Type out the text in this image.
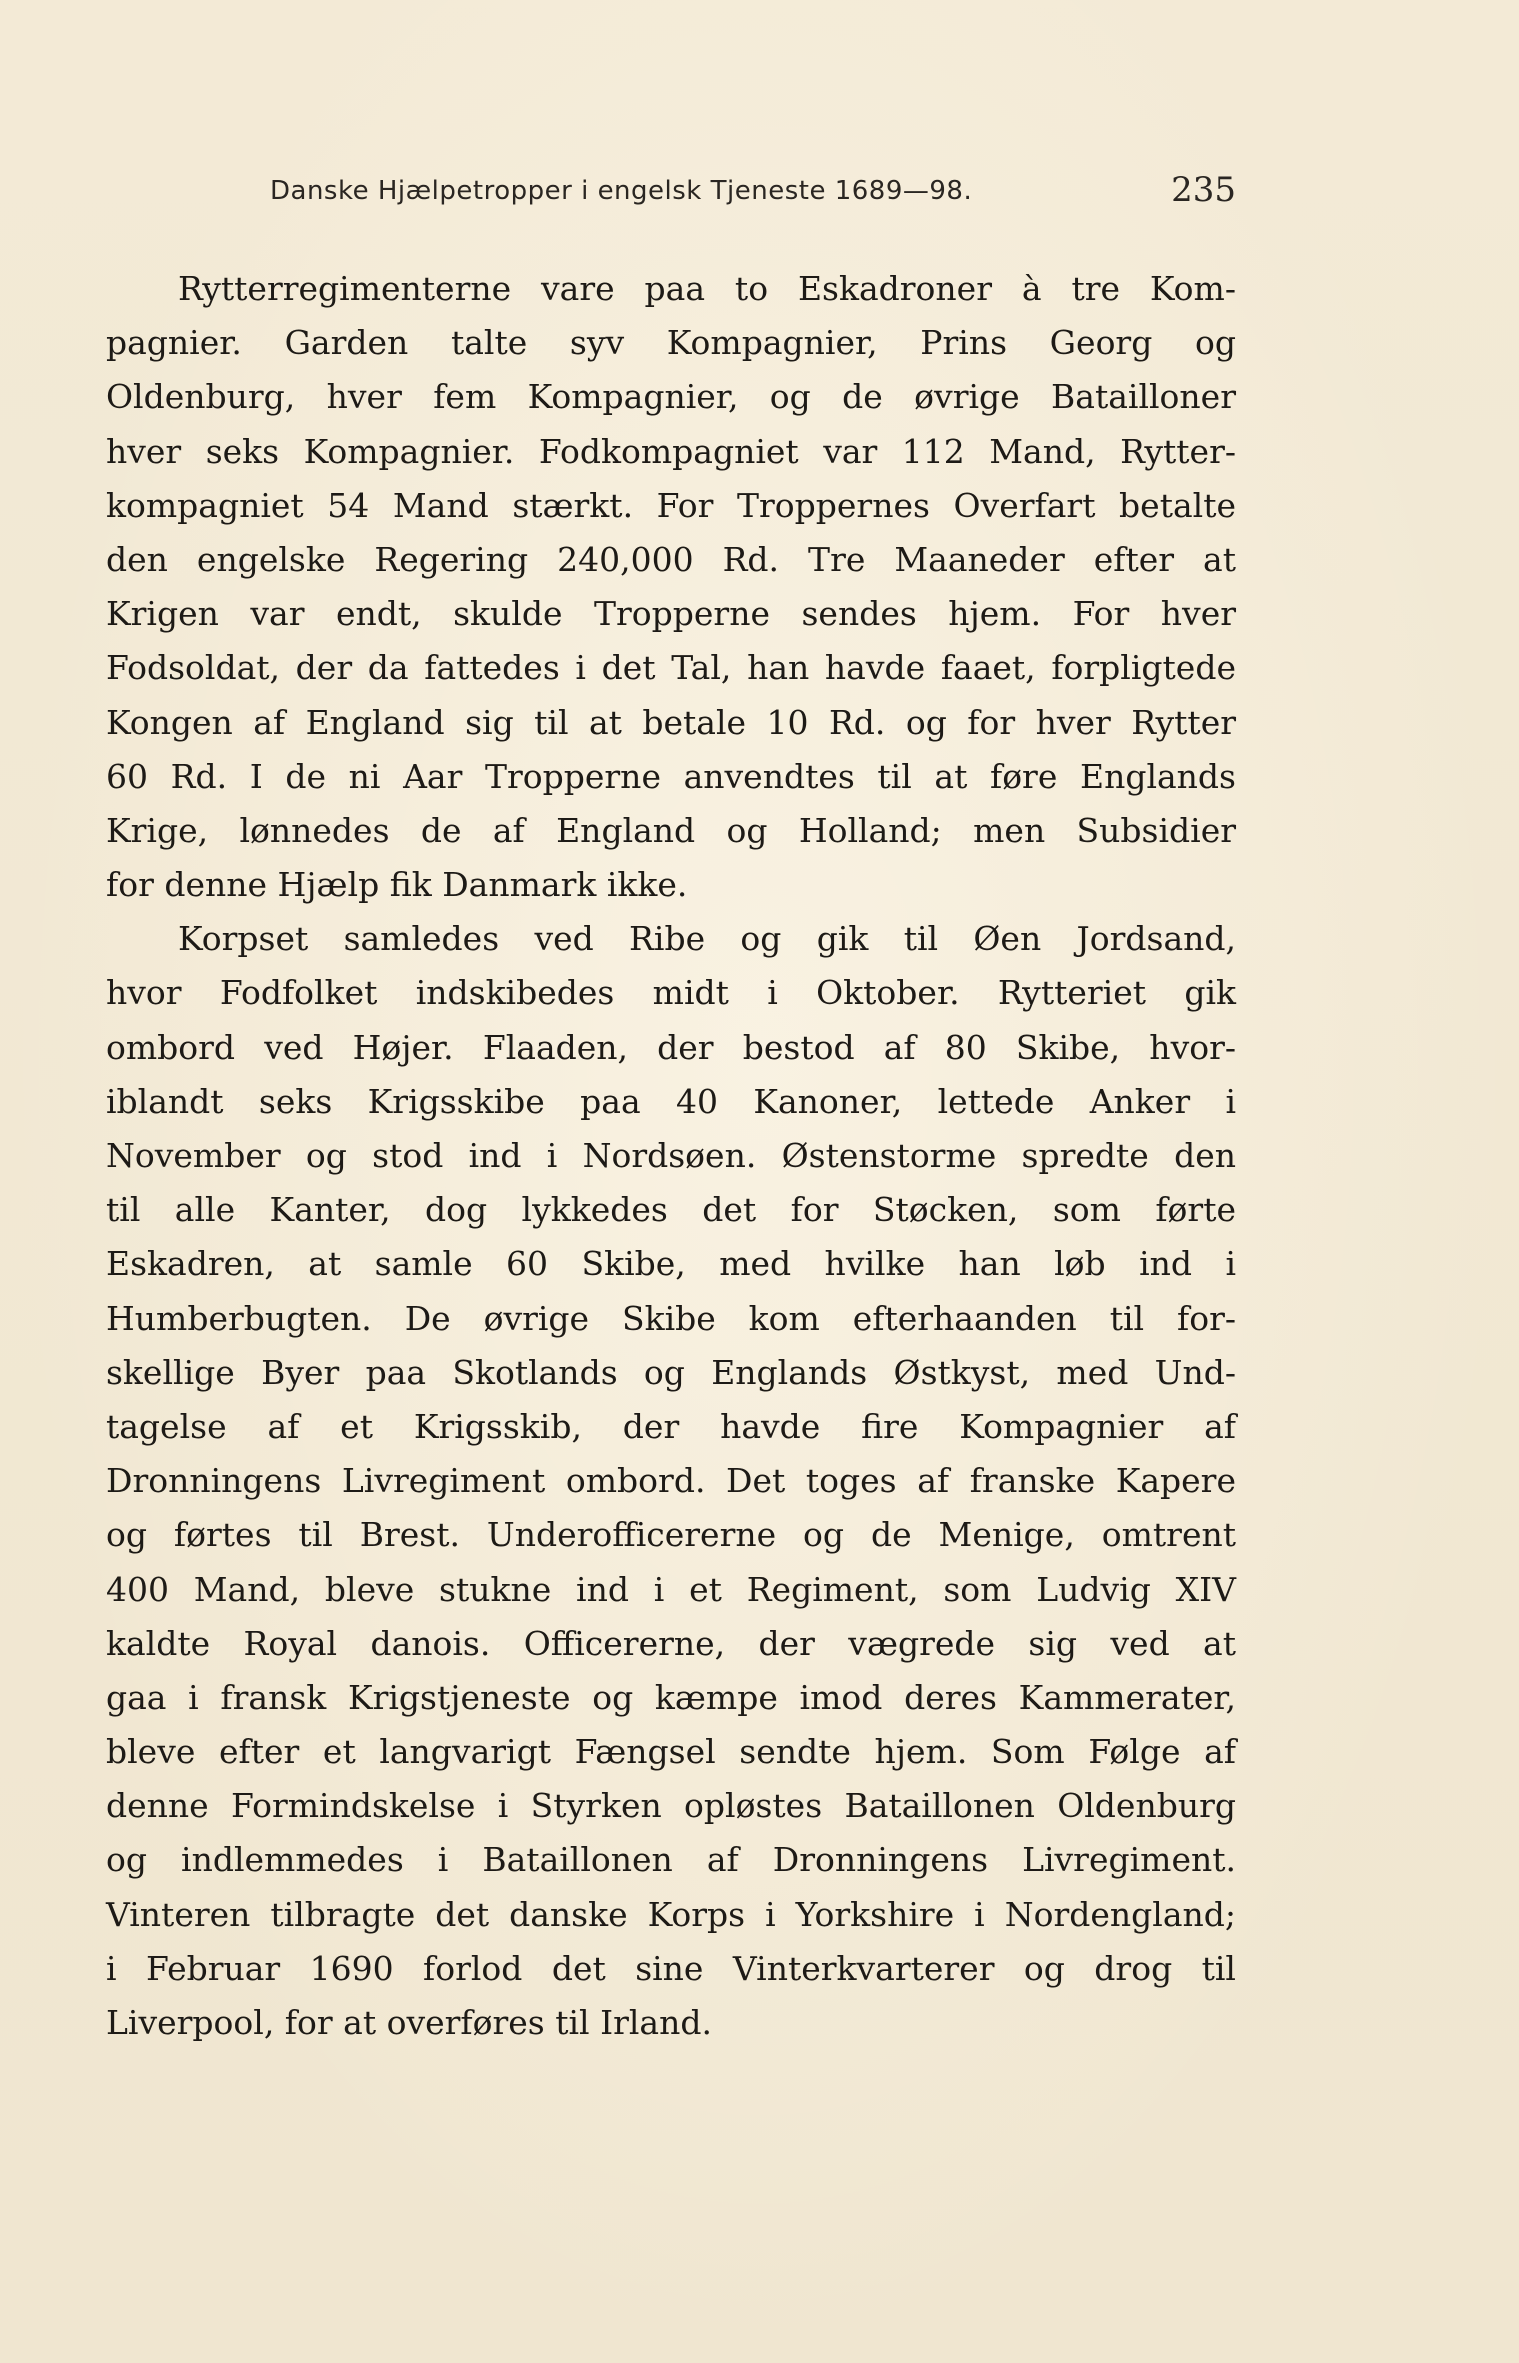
Danske Hjælpetropper i engelsk Tjeneste 1689—98.	235
Rytterregimenterne vare paa to Eskadroner à tre Kom-
pagnier. Garden talte syv Kompagnier, Prins Georg og
Oldenburg, hver fem Kompagnier, og de øvrige Bataillonеr
hver seks Kompagnier. Fodkompagniet var 112 Mand, Rytter-
kompagniet 54 Mand stærkt. For Troppernes Overfart betalte
den engelske Regering 240,000 Rd. Tre Maaneder efter at
Krigen var endt, skulde Tropperne sendes hjem. For hver
Fodsoldat, der da fattedes i det Tal, han havde faaet, forpligtede
Kongen af England sig til at betale 10 Rd. og for hver Rytter
60 Rd. I de ni Aar Tropperne anvendtes til at føre Englands
Krige, lønnedes de af England og Holland; men Subsidier
for denne Hjælp fik Danmark ikke.
Korpset samledes ved Ribe og gik til Øen Jordsand,
hvor Fodfolket indskibedes midt i Oktober. Rytteriet gik
ombord ved Højer. Flaaden, der bestod af 80 Skibe, hvor-
iblandt seks Krigsskibe paa 40 Kanoner, lettede Anker i
November og stod ind i Nordsøen. Østenstorme spredte den
til alle Kanter, dog lykkedes det for Støcken, som førte
Eskadren, at samle 60 Skibe, med hvilke han løb ind i
Humberbugten. De øvrige Skibe kom efterhaanden til for-
skellige Byer paa Skotlands og Englands Østkyst, med Und-
tagelse af et Krigsskib, der havde fire Kompagnier af
Dronningens Livregiment ombord. Det toges af franske Kapere
og førtes til Brest. Underofficererne og de Menige, omtrent
400 Mand, bleve stukne ind i et Regiment, som Ludvig XIV
kaldte Royal danois. Officererne, der vægrede sig ved at
gaa i fransk Krigstjeneste og kæmpe imod deres Kammerater,
bleve efter et langvarigt Fængsel sendte hjem. Som Følge af
denne Formindskelse i Styrken opløstes Bataillonen Oldenburg
og indlemmedes i Bataillonen af Dronningens Livregiment.
Vinteren tilbragte det danske Korps i Yorkshire i Nordengland;
i Februar 1690 forlod det sine Vinterkvarterer og drog til
Liverpool, for at overføres til Irland.
